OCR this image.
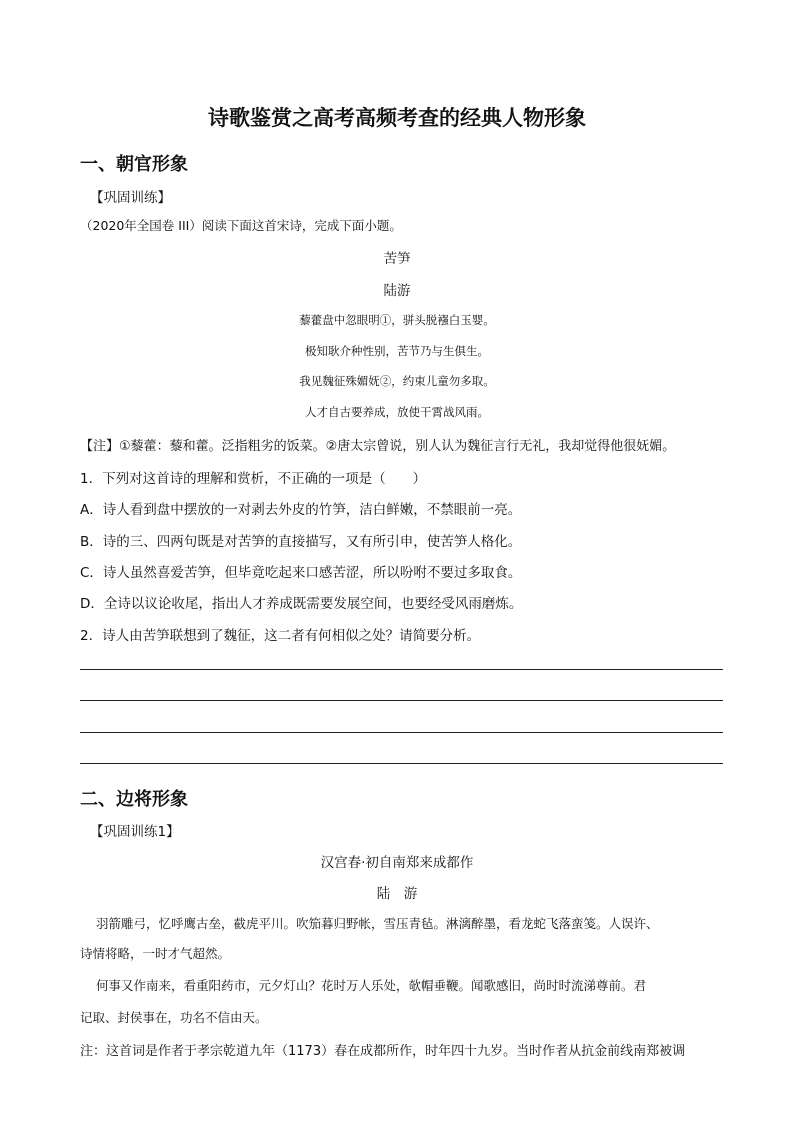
诗歌鉴赏之高考高频考查的经典人物形象
一、朝官形象
【巩固训练】
（2020年全国卷 III）阅读下面这首宋诗，完成下面小题。
苦笋
陆游
藜藿盘中忽眼明①，骈头脱襁白玉婴。
极知耿介种性别，苦节乃与生俱生。
我见魏征殊媚妩②，约束儿童勿多取。
人才自古要养成，放使干霄战风雨。
【注】①藜藿：藜和藿。泛指粗劣的饭菜。②唐太宗曾说，别人认为魏征言行无礼，我却觉得他很妩媚。
1．下列对这首诗的理解和赏析，不正确的一项是（　　）
A．诗人看到盘中摆放的一对剥去外皮的竹笋，洁白鲜嫩，不禁眼前一亮。
B．诗的三、四两句既是对苦笋的直接描写，又有所引申，使苦笋人格化。
C．诗人虽然喜爱苦笋，但毕竟吃起来口感苦涩，所以吩咐不要过多取食。
D．全诗以议论收尾，指出人才养成既需要发展空间，也要经受风雨磨炼。
2．诗人由苦笋联想到了魏征，这二者有何相似之处？请简要分析。
二、边将形象
【巩固训练1】
汉宫春·初自南郑来成都作
陆　游
羽箭雕弓，忆呼鹰古垒，截虎平川。吹笳暮归野帐，雪压青毡。淋漓醉墨，看龙蛇飞落蛮笺。人误许、
诗情将略，一时才气超然。
何事又作南来，看重阳药市，元夕灯山？花时万人乐处，欹帽垂鞭。闻歌感旧，尚时时流涕尊前。君
记取、封侯事在，功名不信由天。
注：这首词是作者于孝宗乾道九年（1173）春在成都所作，时年四十九岁。当时作者从抗金前线南郑被调
